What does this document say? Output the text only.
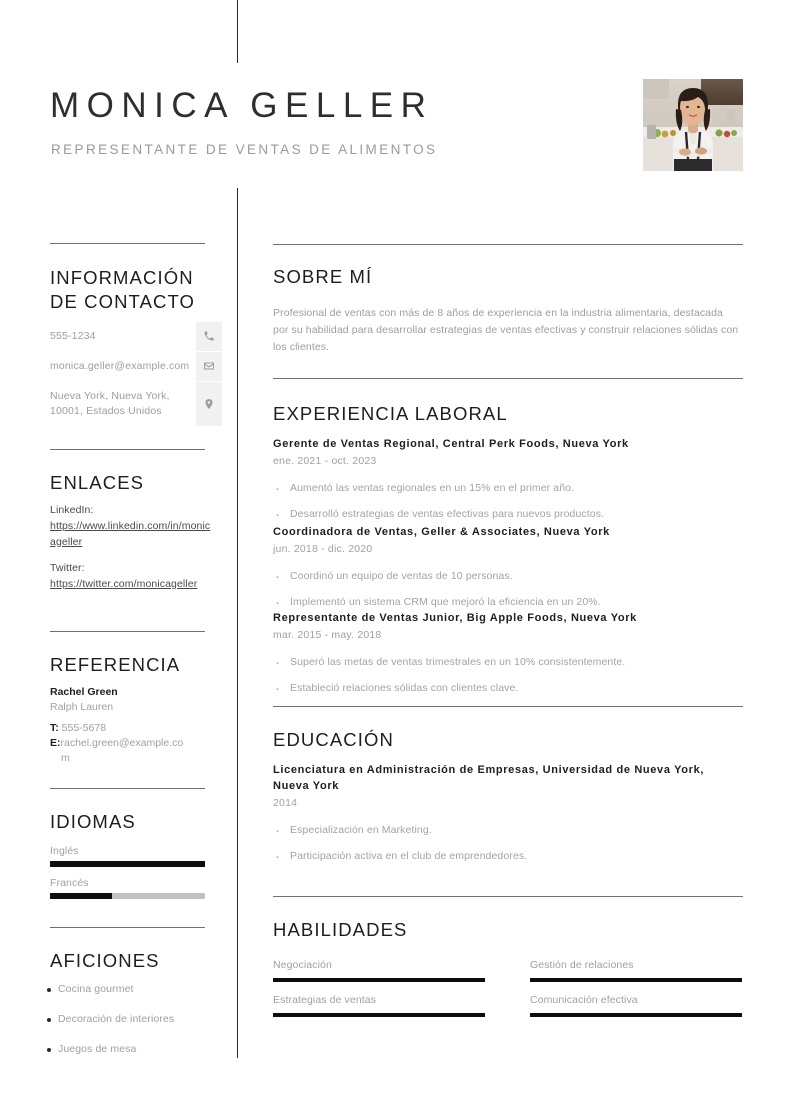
MONICA GELLER
REPRESENTANTE DE VENTAS DE ALIMENTOS
INFORMACIÓN
DE CONTACTO
555-1234
monica.geller@example.com
Nueva York, Nueva York, 10001, Estados Unidos
ENLACES
LinkedIn:
https://www.linkedin.com/in/monicageller
Twitter:
https://twitter.com/monicageller
REFERENCIA
Rachel Green
Ralph Lauren
T: 555-5678
E:rachel.green@example.co
m
IDIOMAS
Inglés
Francés
AFICIONES
Cocina gourmet
Decoración de interiores
Juegos de mesa
SOBRE MÍ
Profesional de ventas con más de 8 años de experiencia en la industria alimentaria, destacada por su habilidad para desarrollar estrategias de ventas efectivas y construir relaciones sólidas con los clientes.
EXPERIENCIA LABORAL
Gerente de Ventas Regional, Central Perk Foods, Nueva York
ene. 2021 - oct. 2023
· Aumentó las ventas regionales en un 15% en el primer año.
· Desarrolló estrategias de ventas efectivas para nuevos productos.
Coordinadora de Ventas, Geller & Associates, Nueva York
jun. 2018 - dic. 2020
· Coordinó un equipo de ventas de 10 personas.
· Implementó un sistema CRM que mejoró la eficiencia en un 20%.
Representante de Ventas Junior, Big Apple Foods, Nueva York
mar. 2015 - may. 2018
· Superó las metas de ventas trimestrales en un 10% consistentemente.
· Estableció relaciones sólidas con clientes clave.
EDUCACIÓN
Licenciatura en Administración de Empresas, Universidad de Nueva York, Nueva York
2014
· Especialización en Marketing.
· Participación activa en el club de emprendedores.
HABILIDADES
Negociación	Gestión de relaciones
Estrategias de ventas	Comunicación efectiva
